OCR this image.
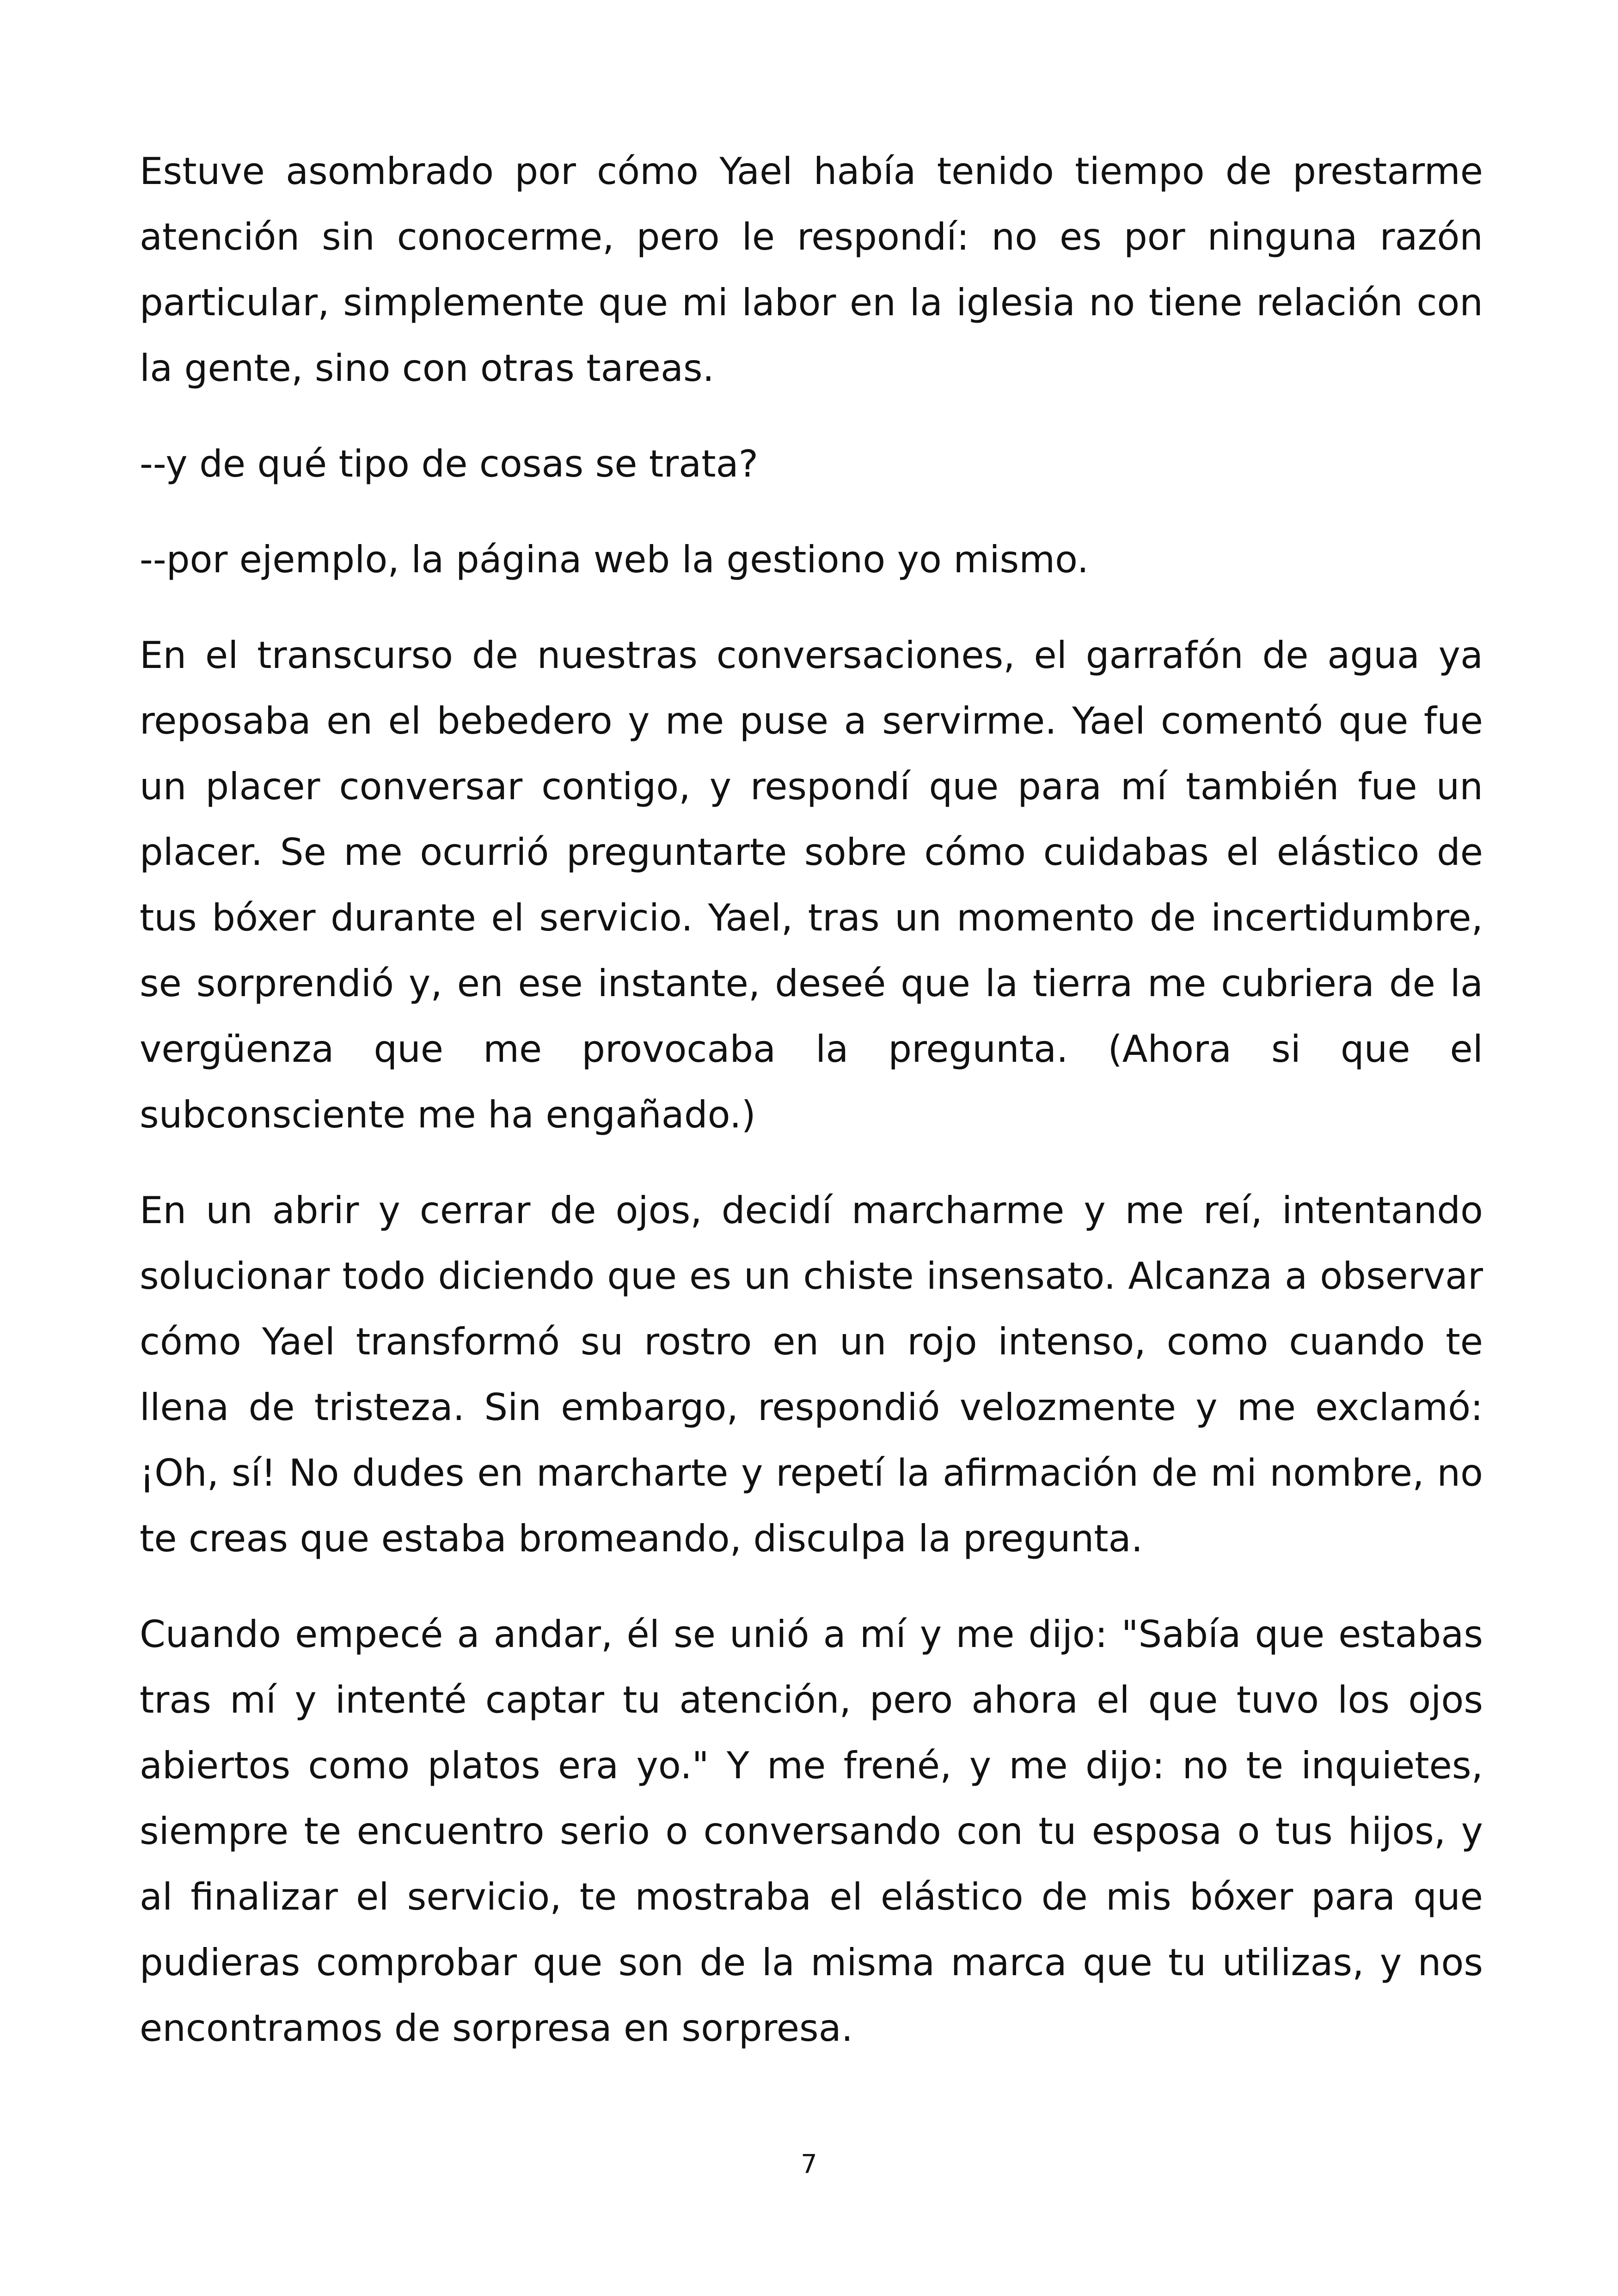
Estuve asombrado por cómo Yael había tenido tiempo de prestarme atención sin conocerme, pero le respondí: no es por ninguna razón particular, simplemente que mi labor en la iglesia no tiene relación con la gente, sino con otras tareas.

--y de qué tipo de cosas se trata?

--por ejemplo, la página web la gestiono yo mismo.

En el transcurso de nuestras conversaciones, el garrafón de agua ya reposaba en el bebedero y me puse a servirme. Yael comentó que fue un placer conversar contigo, y respondí que para mí también fue un placer. Se me ocurrió preguntarte sobre cómo cuidabas el elástico de tus bóxer durante el servicio. Yael, tras un momento de incertidumbre, se sorprendió y, en ese instante, deseé que la tierra me cubriera de la vergüenza que me provocaba la pregunta. (Ahora si que el subconsciente me ha engañado.)

En un abrir y cerrar de ojos, decidí marcharme y me reí, intentando solucionar todo diciendo que es un chiste insensato. Alcanza a observar cómo Yael transformó su rostro en un rojo intenso, como cuando te llena de tristeza. Sin embargo, respondió velozmente y me exclamó: ¡Oh, sí! No dudes en marcharte y repetí la afirmación de mi nombre, no te creas que estaba bromeando, disculpa la pregunta.

Cuando empecé a andar, él se unió a mí y me dijo: "Sabía que estabas tras mí y intenté captar tu atención, pero ahora el que tuvo los ojos abiertos como platos era yo." Y me frené, y me dijo: no te inquietes, siempre te encuentro serio o conversando con tu esposa o tus hijos, y al finalizar el servicio, te mostraba el elástico de mis bóxer para que pudieras comprobar que son de la misma marca que tu utilizas, y nos encontramos de sorpresa en sorpresa.

7
